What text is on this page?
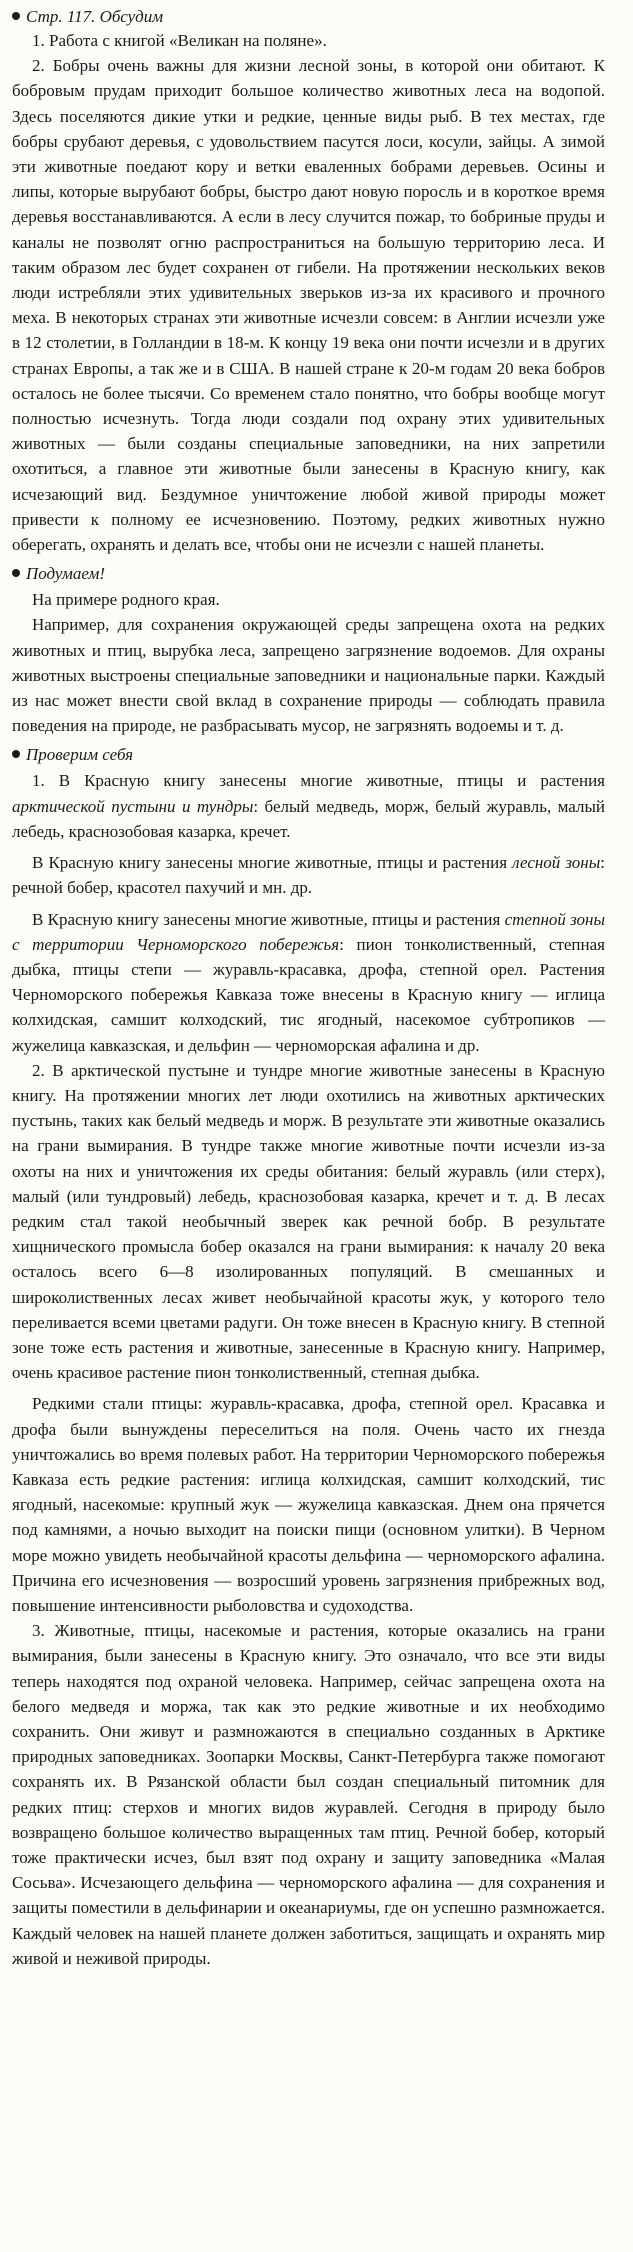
Стр. 117. Обсудим

1. Работа с книгой «Великан на поляне».

2. Бобры очень важны для жизни лесной зоны, в которой они обитают. К бобровым прудам приходит большое количество животных леса на водопой. Здесь поселяются дикие утки и редкие, ценные виды рыб. В тех местах, где бобры срубают деревья, с удовольствием пасутся лоси, косули, зайцы. А зимой эти животные поедают кору и ветки еваленных бобрами деревьев. Осины и липы, которые вырубают бобры, быстро дают новую поросль и в короткое время деревья восстанавливаются. А если в лесу случится пожар, то бобриные пруды и каналы не позволят огню распространиться на большую территорию леса. И таким образом лес будет сохранен от гибели. На протяжении нескольких веков люди истребляли этих удивительных зверьков из-за их красивого и прочного меха. В некоторых странах эти животные исчезли совсем: в Англии исчезли уже в 12 столетии, в Голландии в 18-м. К концу 19 века они почти исчезли и в других странах Европы, а так же и в США. В нашей стране к 20-м годам 20 века бобров осталось не более тысячи. Со временем стало понятно, что бобры вообще могут полностью исчезнуть. Тогда люди создали под охрану этих удивительных животных — были созданы специальные заповедники, на них запретили охотиться, а главное эти животные были занесены в Красную книгу, как исчезающий вид. Бездумное уничтожение любой живой природы может привести к полному ее исчезновению. Поэтому, редких животных нужно оберегать, охранять и делать все, чтобы они не исчезли с нашей планеты.

Подумаем!

На примере родного края.

Например, для сохранения окружающей среды запрещена охота на редких животных и птиц, вырубка леса, запрещено загрязнение водоемов. Для охраны животных выстроены специальные заповедники и национальные парки. Каждый из нас может внести свой вклад в сохранение природы — соблюдать правила поведения на природе, не разбрасывать мусор, не загрязнять водоемы и т. д.

Проверим себя

1. В Красную книгу занесены многие животные, птицы и растения арктической пустыни и тундры: белый медведь, морж, белый журавль, малый лебедь, краснозобовая казарка, кречет.

В Красную книгу занесены многие животные, птицы и растения лесной зоны: речной бобер, красотел пахучий и мн. др.

В Красную книгу занесены многие животные, птицы и растения степной зоны с территории Черноморского побережья: пион тонколиственный, степная дыбка, птицы степи — журавль-красавка, дрофа, степной орел. Растения Черноморского побережья Кавказа тоже внесены в Красную книгу — иглица колхидская, самшит колходский, тис ягодный, насекомое субтропиков — жужелица кавказская, и дельфин — черноморская афалина и др.

2. В арктической пустыне и тундре многие животные занесены в Красную книгу. На протяжении многих лет люди охотились на животных арктических пустынь, таких как белый медведь и морж. В результате эти животные оказались на грани вымирания. В тундре также многие животные почти исчезли из-за охоты на них и уничтожения их среды обитания: белый журавль (или стерх), малый (или тундровый) лебедь, краснозобовая казарка, кречет и т. д. В лесах редким стал такой необычный зверек как речной бобр. В результате хищнического промысла бобер оказался на грани вымирания: к началу 20 века осталось всего 6—8 изолированных популяций. В смешанных и широколиственных лесах живет необычайной красоты жук, у которого тело переливается всеми цветами радуги. Он тоже внесен в Красную книгу. В степной зоне тоже есть растения и животные, занесенные в Красную книгу. Например, очень красивое растение пион тонколиственный, степная дыбка.

Редкими стали птицы: журавль-красавка, дрофа, степной орел. Красавка и дрофа были вынуждены переселиться на поля. Очень часто их гнезда уничтожались во время полевых работ. На территории Черноморского побережья Кавказа есть редкие растения: иглица колхидская, самшит колходский, тис ягодный, насекомые: крупный жук — жужелица кавказская. Днем она прячется под камнями, а ночью выходит на поиски пищи (основном улитки). В Черном море можно увидеть необычайной красоты дельфина — черноморского афалина. Причина его исчезновения — возросший уровень загрязнения прибрежных вод, повышение интенсивности рыболовства и судоходства.

3. Животные, птицы, насекомые и растения, которые оказались на грани вымирания, были занесены в Красную книгу. Это означало, что все эти виды теперь находятся под охраной человека. Например, сейчас запрещена охота на белого медведя и моржа, так как это редкие животные и их необходимо сохранить. Они живут и размножаются в специально созданных в Арктике природных заповедниках. Зоопарки Москвы, Санкт-Петербурга также помогают сохранять их. В Рязанской области был создан специальный питомник для редких птиц: стерхов и многих видов журавлей. Сегодня в природу было возвращено большое количество выращенных там птиц. Речной бобер, который тоже практически исчез, был взят под охрану и защиту заповедника «Малая Сосьва». Исчезающего дельфина — черноморского афалина — для сохранения и защиты поместили в дельфинарии и океанариумы, где он успешно размножается. Каждый человек на нашей планете должен заботиться, защищать и охранять мир живой и неживой природы.
